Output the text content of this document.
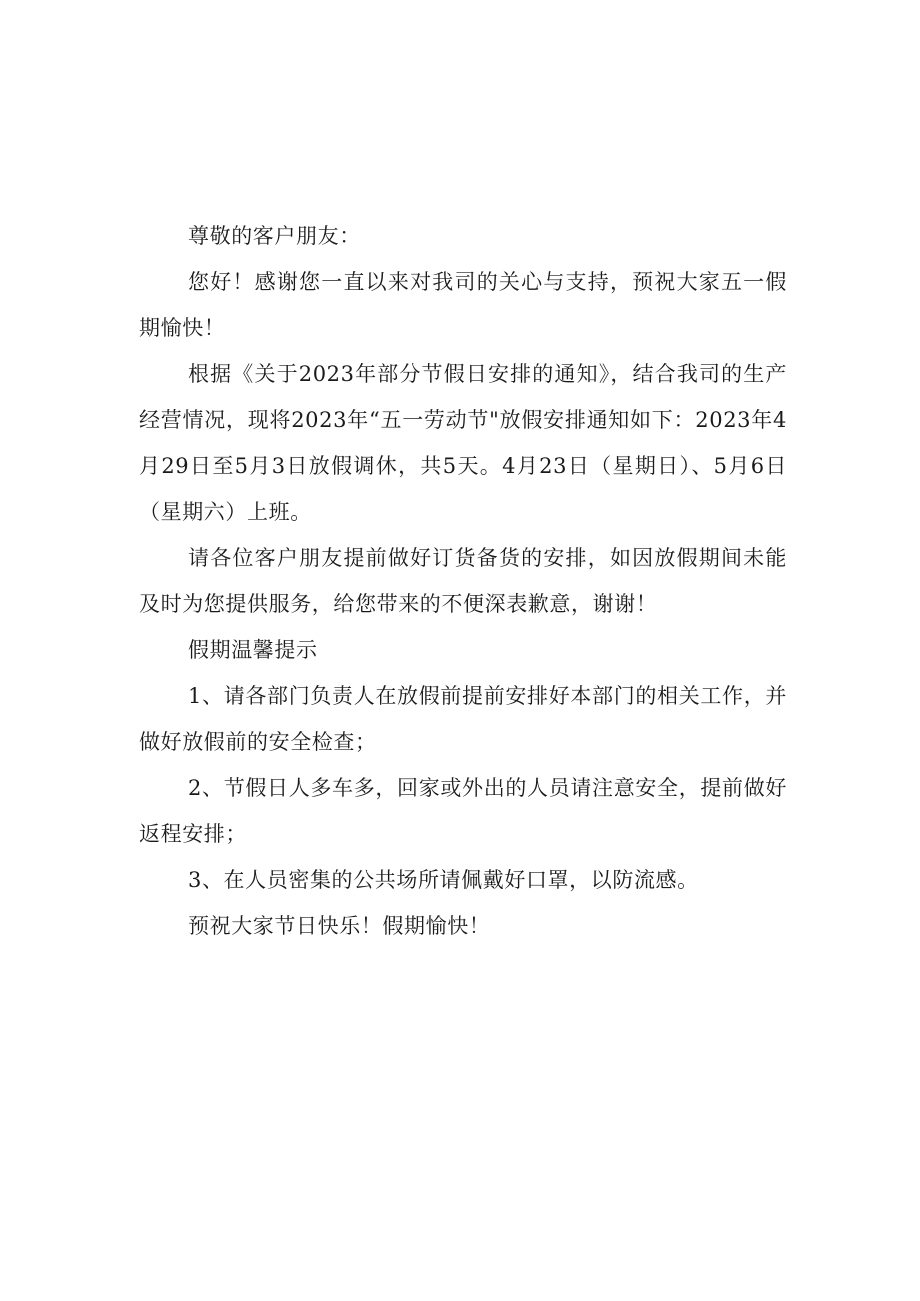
尊敬的客户朋友：

您好！感谢您一直以来对我司的关心与支持，预祝大家五一假期愉快！

根据《关于2023年部分节假日安排的通知》，结合我司的生产经营情况，现将2023年“五一劳动节"放假安排通知如下：2023年4月29日至5月3日放假调休，共5天。4月23日（星期日）、5月6日（星期六）上班。

请各位客户朋友提前做好订货备货的安排，如因放假期间未能及时为您提供服务，给您带来的不便深表歉意，谢谢！

假期温馨提示

1、请各部门负责人在放假前提前安排好本部门的相关工作，并做好放假前的安全检查；

2、节假日人多车多，回家或外出的人员请注意安全，提前做好返程安排；

3、在人员密集的公共场所请佩戴好口罩，以防流感。

预祝大家节日快乐！假期愉快！
